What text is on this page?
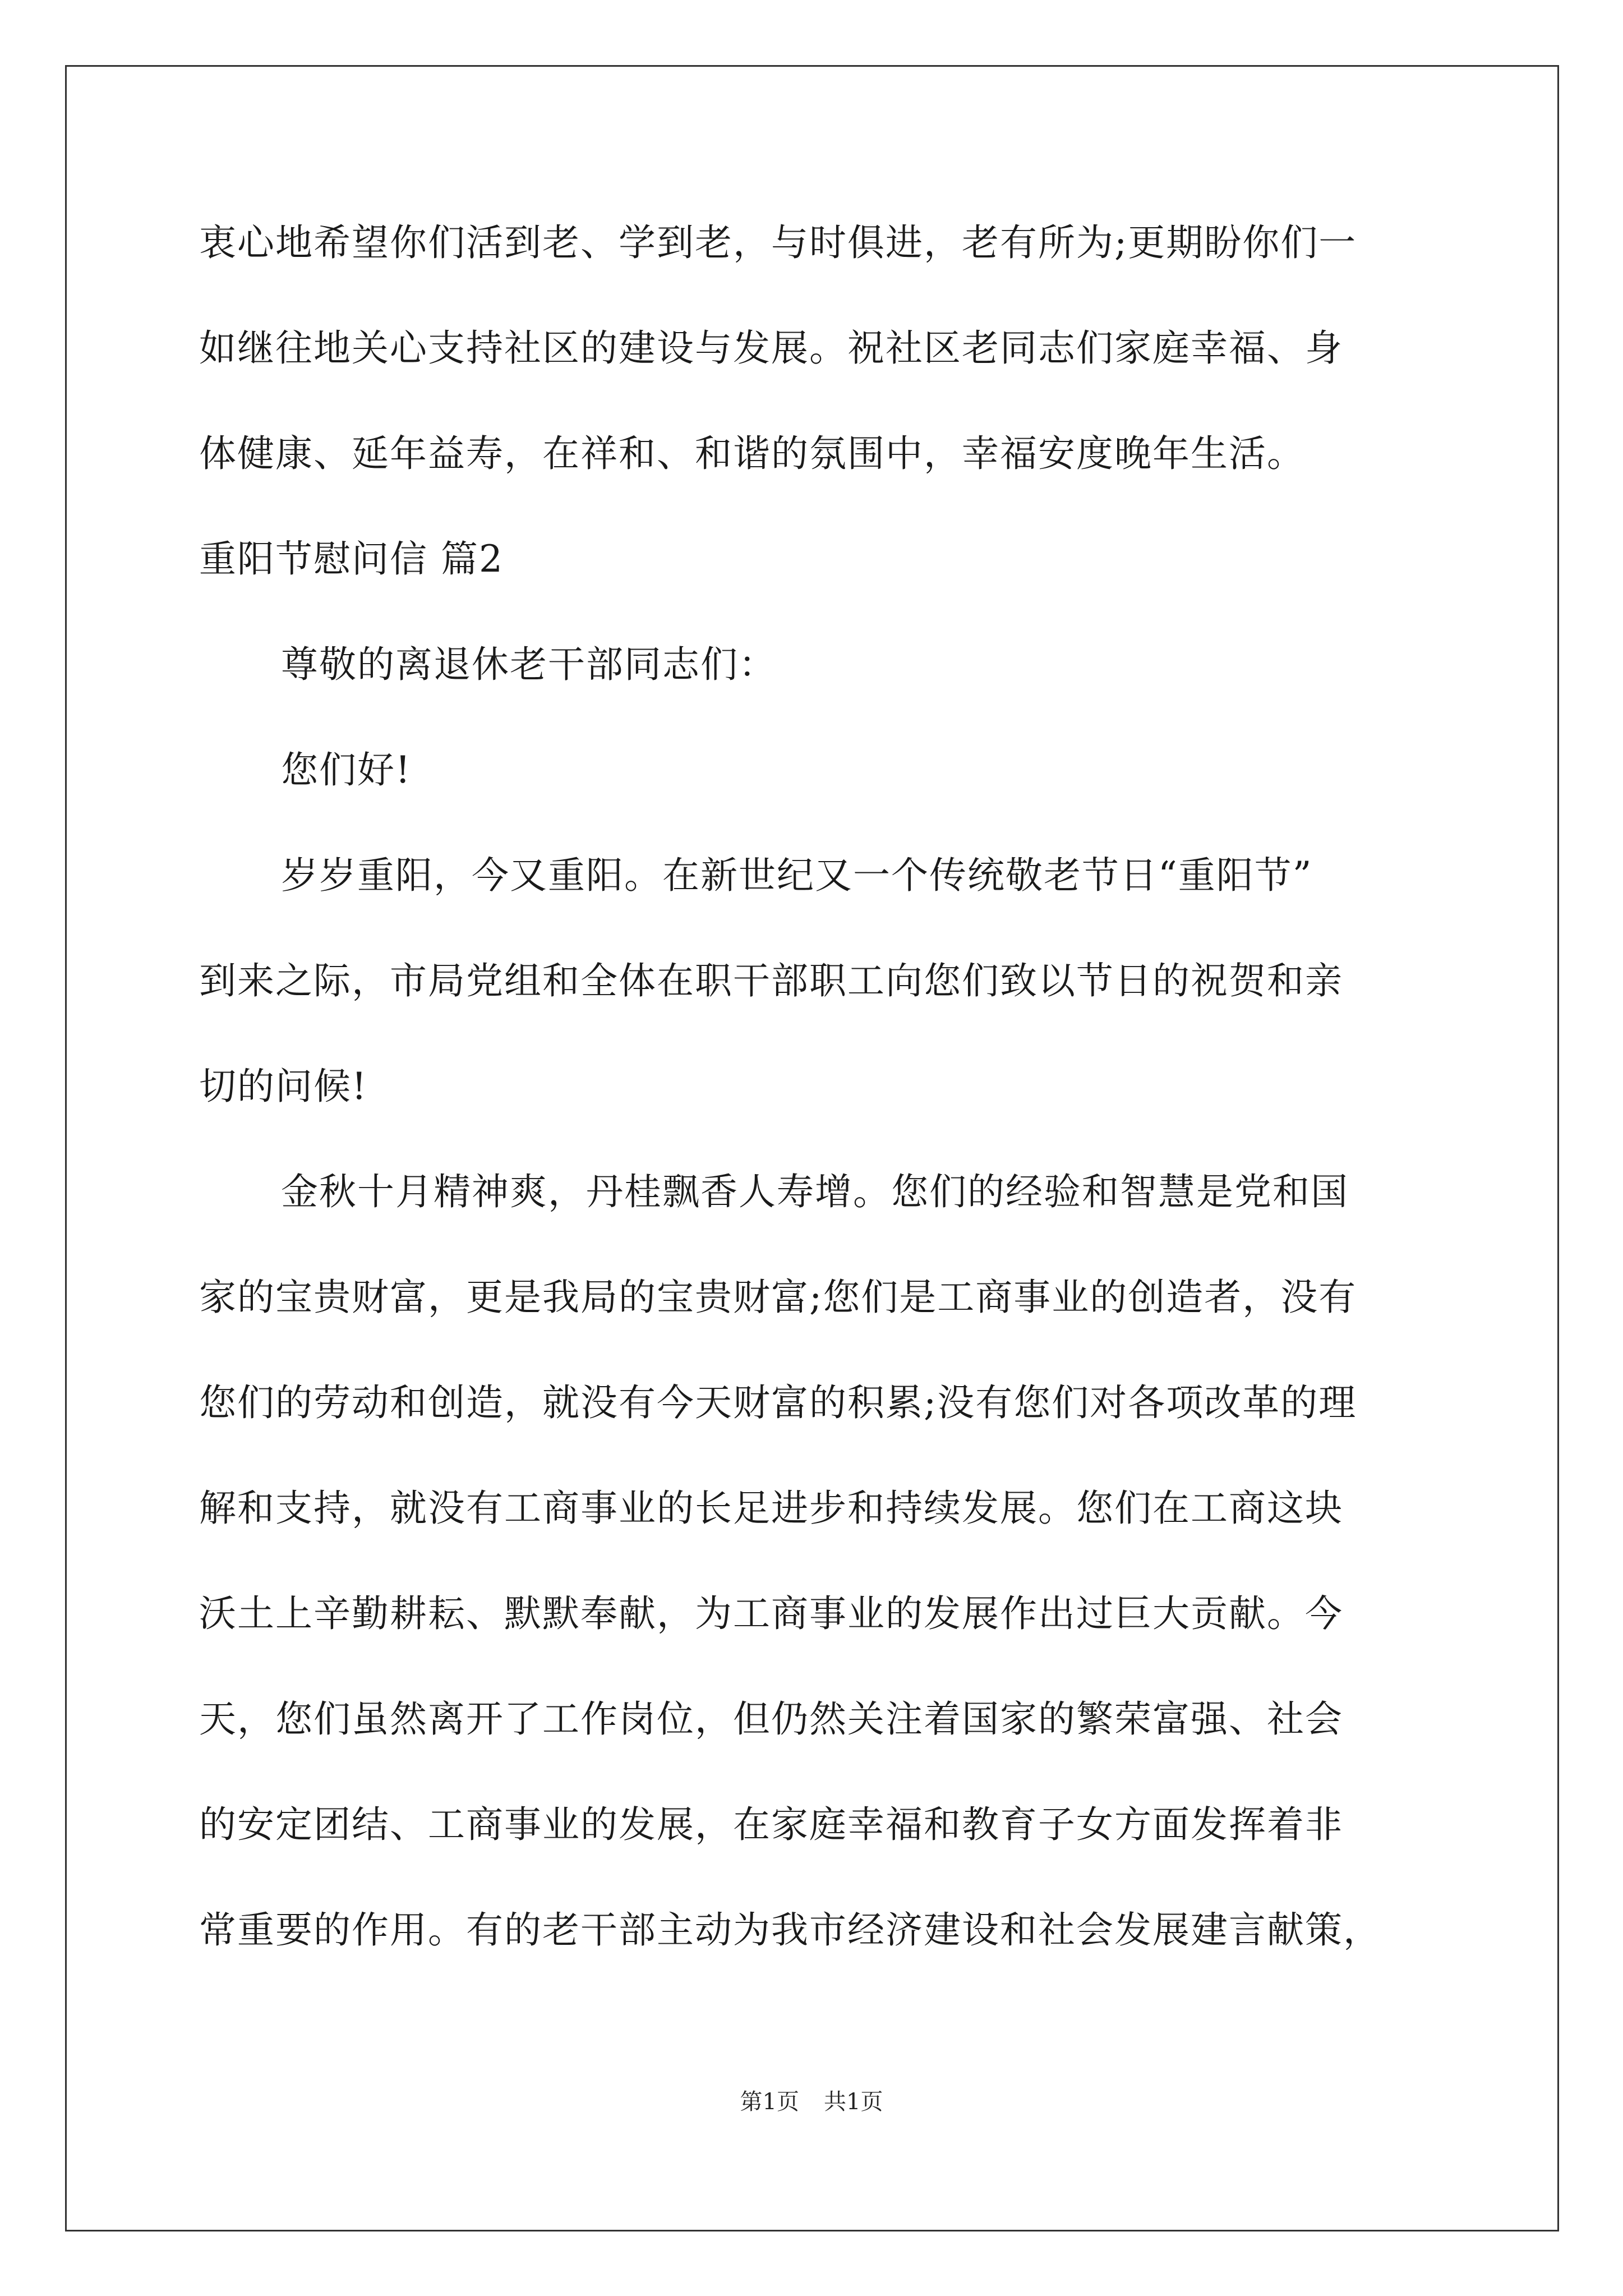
衷心地希望你们活到老、学到老，与时俱进，老有所为;更期盼你们一
如继往地关心支持社区的建设与发展。祝社区老同志们家庭幸福、身
体健康、延年益寿，在祥和、和谐的氛围中，幸福安度晚年生活。
重阳节慰问信 篇2
尊敬的离退休老干部同志们：
您们好!
岁岁重阳，今又重阳。在新世纪又一个传统敬老节日“重阳节”
到来之际，市局党组和全体在职干部职工向您们致以节日的祝贺和亲
切的问候!
金秋十月精神爽，丹桂飘香人寿增。您们的经验和智慧是党和国
家的宝贵财富，更是我局的宝贵财富;您们是工商事业的创造者，没有
您们的劳动和创造，就没有今天财富的积累;没有您们对各项改革的理
解和支持，就没有工商事业的长足进步和持续发展。您们在工商这块
沃土上辛勤耕耘、默默奉献，为工商事业的发展作出过巨大贡献。今
天，您们虽然离开了工作岗位，但仍然关注着国家的繁荣富强、社会
的安定团结、工商事业的发展，在家庭幸福和教育子女方面发挥着非
常重要的作用。有的老干部主动为我市经济建设和社会发展建言献策，
第1页 共1页
